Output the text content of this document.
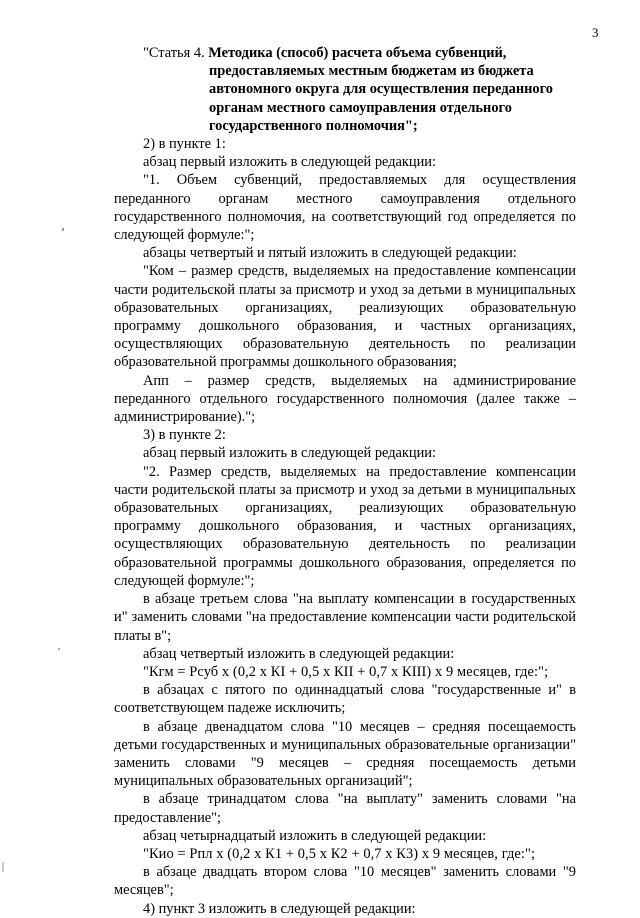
3

"Статья 4. Методика (способ) расчета объема субвенций,
предоставляемых местным бюджетам из бюджета
автономного округа для осуществления переданного
органам местного самоуправления отдельного
государственного полномочия";

2) в пункте 1:

абзац первый изложить в следующей редакции:

"1. Объем субвенций, предоставляемых для осуществления переданного органам местного самоуправления отдельного государственного полномочия, на соответствующий год определяется по следующей формуле:";

абзацы четвертый и пятый изложить в следующей редакции:

"Ком – размер средств, выделяемых на предоставление компенсации части родительской платы за присмотр и уход за детьми в муниципальных образовательных организациях, реализующих образовательную программу дошкольного образования, и частных организациях, осуществляющих образовательную деятельность по реализации образовательной программы дошкольного образования;

Апп – размер средств, выделяемых на администрирование переданного отдельного государственного полномочия (далее также – администрирование).";

3) в пункте 2:

абзац первый изложить в следующей редакции:

"2. Размер средств, выделяемых на предоставление компенсации части родительской платы за присмотр и уход за детьми в муниципальных образовательных организациях, реализующих образовательную программу дошкольного образования, и частных организациях, осуществляющих образовательную деятельность по реализации образовательной программы дошкольного образования, определяется по следующей формуле:";

в абзаце третьем слова "на выплату компенсации в государственных и" заменить словами "на предоставление компенсации части родительской платы в";

абзац четвертый изложить в следующей редакции:

"Кгм = Рсуб х (0,2 х КI + 0,5 х КII + 0,7 х КIII) х 9 месяцев, где:";

в абзацах с пятого по одиннадцатый слова "государственные и" в соответствующем падеже исключить;

в абзаце двенадцатом слова "10 месяцев – средняя посещаемость детьми государственных и муниципальных образовательные организации" заменить словами "9 месяцев – средняя посещаемость детьми муниципальных образовательных организаций";

в абзаце тринадцатом слова "на выплату" заменить словами "на предоставление";

абзац четырнадцатый изложить в следующей редакции:

"Кио = Рпл х (0,2 х К1 + 0,5 х К2 + 0,7 х К3) х 9 месяцев, где:";

в абзаце двадцать втором слова "10 месяцев" заменить словами "9 месяцев";

4) пункт 3 изложить в следующей редакции:
